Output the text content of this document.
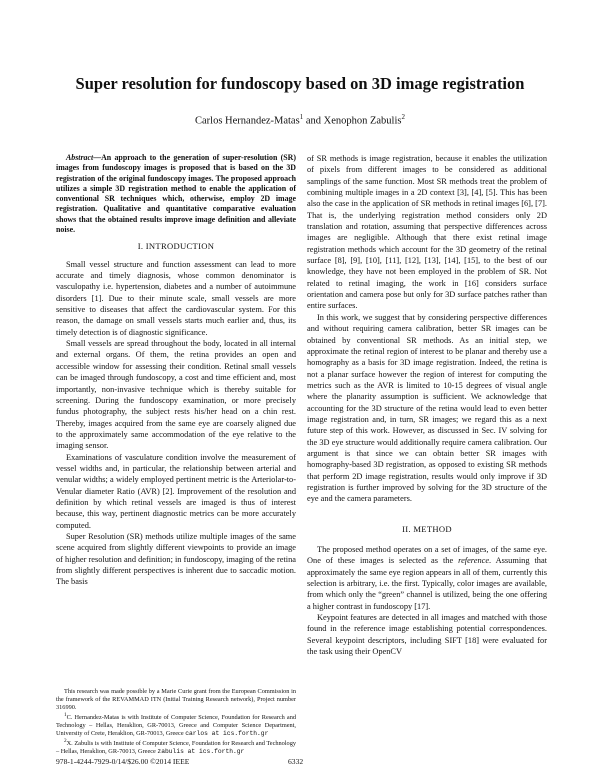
Super resolution for fundoscopy based on 3D image registration
Carlos Hernandez-Matas$^1$ and Xenophon Zabulis$^2$

Abstract—An approach to the generation of super-resolution (SR) images from fundoscopy images is proposed that is based on the 3D registration of the original fundoscopy images. The proposed approach utilizes a simple 3D registration method to enable the application of conventional SR techniques which, otherwise, employ 2D image registration. Qualitative and quantitative comparative evaluation shows that the obtained results improve image definition and alleviate noise.

I. INTRODUCTION

Small vessel structure and function assessment can lead to more accurate and timely diagnosis, whose common denominator is vasculopathy i.e. hypertension, diabetes and a number of autoimmune disorders [1]. Due to their minute scale, small vessels are more sensitive to diseases that affect the cardiovascular system. For this reason, the damage on small vessels starts much earlier and, thus, its timely detection is of diagnostic significance.

Small vessels are spread throughout the body, located in all internal and external organs. Of them, the retina provides an open and accessible window for assessing their condition. Retinal small vessels can be imaged through fundoscopy, a cost and time efficient and, most importantly, non-invasive technique which is thereby suitable for screening. During the fundoscopy examination, or more precisely fundus photography, the subject rests his/her head on a chin rest. Thereby, images acquired from the same eye are coarsely aligned due to the approximately same accommodation of the eye relative to the imaging sensor.

Examinations of vasculature condition involve the measurement of vessel widths and, in particular, the relationship between arterial and venular widths; a widely employed pertinent metric is the Arteriolar-to-Venular diameter Ratio (AVR) [2]. Improvement of the resolution and definition by which retinal vessels are imaged is thus of interest because, this way, pertinent diagnostic metrics can be more accurately computed.

Super Resolution (SR) methods utilize multiple images of the same scene acquired from slightly different viewpoints to provide an image of higher resolution and definition; in fundoscopy, imaging of the retina from slightly different perspectives is inherent due to saccadic motion. The basis

This research was made possible by a Marie Curie grant from the European Commission in the framework of the REVAMMAD ITN (Initial Training Research network), Project number 316990.

$^1$C. Hernandez-Matas is with Institute of Computer Science, Foundation for Research and Technology – Hellas, Heraklion, GR-70013, Greece and Computer Science Department, University of Crete, Heraklion, GR-70013, Greece carlos at ics.forth.gr

$^2$X. Zabulis is with Institute of Computer Science, Foundation for Research and Technology – Hellas, Heraklion, GR-70013, Greece zabulis at ics.forth.gr

of SR methods is image registration, because it enables the utilization of pixels from different images to be considered as additional samplings of the same function. Most SR methods treat the problem of combining multiple images in a 2D context [3], [4], [5]. This has been also the case in the application of SR methods in retinal images [6], [7]. That is, the underlying registration method considers only 2D translation and rotation, assuming that perspective differences across images are negligible. Although that there exist retinal image registration methods which account for the 3D geometry of the retinal surface [8], [9], [10], [11], [12], [13], [14], [15], to the best of our knowledge, they have not been employed in the problem of SR. Not related to retinal imaging, the work in [16] considers surface orientation and camera pose but only for 3D surface patches rather than entire surfaces.

In this work, we suggest that by considering perspective differences and without requiring camera calibration, better SR images can be obtained by conventional SR methods. As an initial step, we approximate the retinal region of interest to be planar and thereby use a homography as a basis for 3D image registration. Indeed, the retina is not a planar surface however the region of interest for computing the metrics such as the AVR is limited to 10-15 degrees of visual angle where the planarity assumption is sufficient. We acknowledge that accounting for the 3D structure of the retina would lead to even better image registration and, in turn, SR images; we regard this as a next future step of this work. However, as discussed in Sec. IV solving for the 3D eye structure would additionally require camera calibration. Our argument is that since we can obtain better SR images with homography-based 3D registration, as opposed to existing SR methods that perform 2D image registration, results would only improve if 3D registration is further improved by solving for the 3D structure of the eye and the camera parameters.

II. METHOD

The proposed method operates on a set of images, of the same eye. One of these images is selected as the reference. Assuming that approximately the same eye region appears in all of them, currently this selection is arbitrary, i.e. the first. Typically, color images are available, from which only the “green” channel is utilized, being the one offering a higher contrast in fundoscopy [17].

Keypoint features are detected in all images and matched with those found in the reference image establishing potential correspondences. Several keypoint descriptors, including SIFT [18] were evaluated for the task using their OpenCV

978-1-4244-7929-0/14/$26.00 ©2014 IEEE	6332
